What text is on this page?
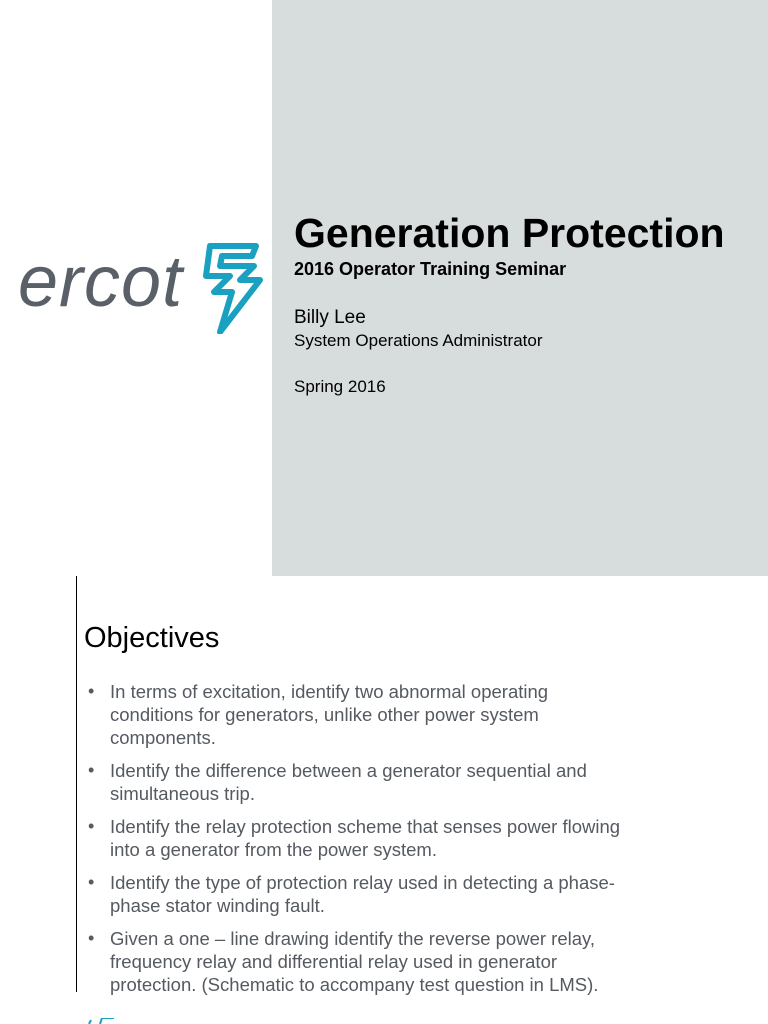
ercot
Generation Protection
2016 Operator Training Seminar
Billy Lee
System Operations Administrator
Spring 2016
Objectives
• In terms of excitation, identify two abnormal operating
conditions for generators, unlike other power system
components.
• Identify the difference between a generator sequential and
simultaneous trip.
• Identify the relay protection scheme that senses power flowing
into a generator from the power system.
• Identify the type of protection relay used in detecting a phase-
phase stator winding fault.
• Given a one – line drawing identify the reverse power relay,
frequency relay and differential relay used in generator
protection. (Schematic to accompany test question in LMS).
